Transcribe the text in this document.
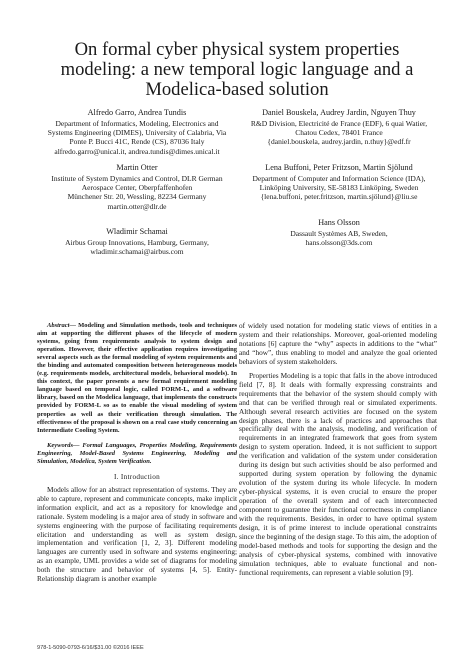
On formal cyber physical system properties
modeling: a new temporal logic language and a
Modelica-based solution
Alfredo Garro, Andrea Tundis
Department of Informatics, Modeling, Electronics and
Systems Engineering (DIMES), University of Calabria, Via
Ponte P. Bucci 41C, Rende (CS), 87036 Italy
alfredo.garro@unical.it, andrea.tundis@dimes.unical.it
Daniel Bouskela, Audrey Jardin, Nguyen Thuy
R&D Division, Electricité de France (EDF), 6 quai Watier,
Chatou Cedex, 78401 France
{daniel.bouskela, audrey.jardin, n.thuy}@edf.fr
Martin Otter
Institute of System Dynamics and Control, DLR German
Aerospace Center, Oberpfaffenhofen
Münchener Str. 20, Wessling, 82234 Germany
martin.otter@dlr.de
Lena Buffoni, Peter Fritzson, Martin Sjölund
Department of Computer and Information Science (IDA),
Linköping University, SE-58183 Linköping, Sweden
{lena.buffoni, peter.fritzson, martin.sjölund}@liu.se
Wladimir Schamai
Airbus Group Innovations, Hamburg, Germany,
wladimir.schamai@airbus.com
Hans Olsson
Dassault Systèmes AB, Sweden,
hans.olsson@3ds.com

Abstract— Modeling and Simulation methods, tools and techniques aim at supporting the different phases of the lifecycle of modern systems, going from requirements analysis to system design and operation. However, their effective application requires investigating several aspects such as the formal modeling of system requirements and the binding and automated composition between heterogeneous models (e.g. requirements models, architectural models, behavioral models). In this context, the paper presents a new formal requirement modeling language based on temporal logic, called FORM-L, and a software library, based on the Modelica language, that implements the constructs provided by FORM-L so as to enable the visual modeling of system properties as well as their verification through simulation. The effectiveness of the proposal is shown on a real case study concerning an Intermediate Cooling System.

Keywords— Formal Languages, Properties Modeling, Requirements Engineering, Model-Based Systems Engineering, Modeling and Simulation, Modelica, System Verification.

I. Introduction

Models allow for an abstract representation of systems. They are able to capture, represent and communicate concepts, make implicit information explicit, and act as a repository for knowledge and rationale. System modeling is a major area of study in software and systems engineering with the purpose of facilitating requirements elicitation and understanding as well as system design, implementation and verification [1, 2, 3]. Different modeling languages are currently used in software and systems engineering; as an example, UML provides a wide set of diagrams for modeling both the structure and behavior of systems [4, 5]. Entity-Relationship diagram is another example

of widely used notation for modeling static views of entities in a system and their relationships. Moreover, goal-oriented modeling notations [6] capture the “why” aspects in additions to the “what” and “how”, thus enabling to model and analyze the goal oriented behaviors of system stakeholders.

Properties Modeling is a topic that falls in the above introduced field [7, 8]. It deals with formally expressing constraints and requirements that the behavior of the system should comply with and that can be verified through real or simulated experiments. Although several research activities are focused on the system design phases, there is a lack of practices and approaches that specifically deal with the analysis, modeling, and verification of requirements in an integrated framework that goes from system design to system operation. Indeed, it is not sufficient to support the verification and validation of the system under consideration during its design but such activities should be also performed and supported during system operation by following the dynamic evolution of the system during its whole lifecycle. In modern cyber-physical systems, it is even crucial to ensure the proper operation of the overall system and of each interconnected component to guarantee their functional correctness in compliance with the requirements. Besides, in order to have optimal system design, it is of prime interest to include operational constraints since the beginning of the design stage. To this aim, the adoption of model-based methods and tools for supporting the design and the analysis of cyber-physical systems, combined with innovative simulation techniques, able to evaluate functional and non-functional requirements, can represent a viable solution [9].

978-1-5090-0793-6/16/$31.00 ©2016 IEEE
